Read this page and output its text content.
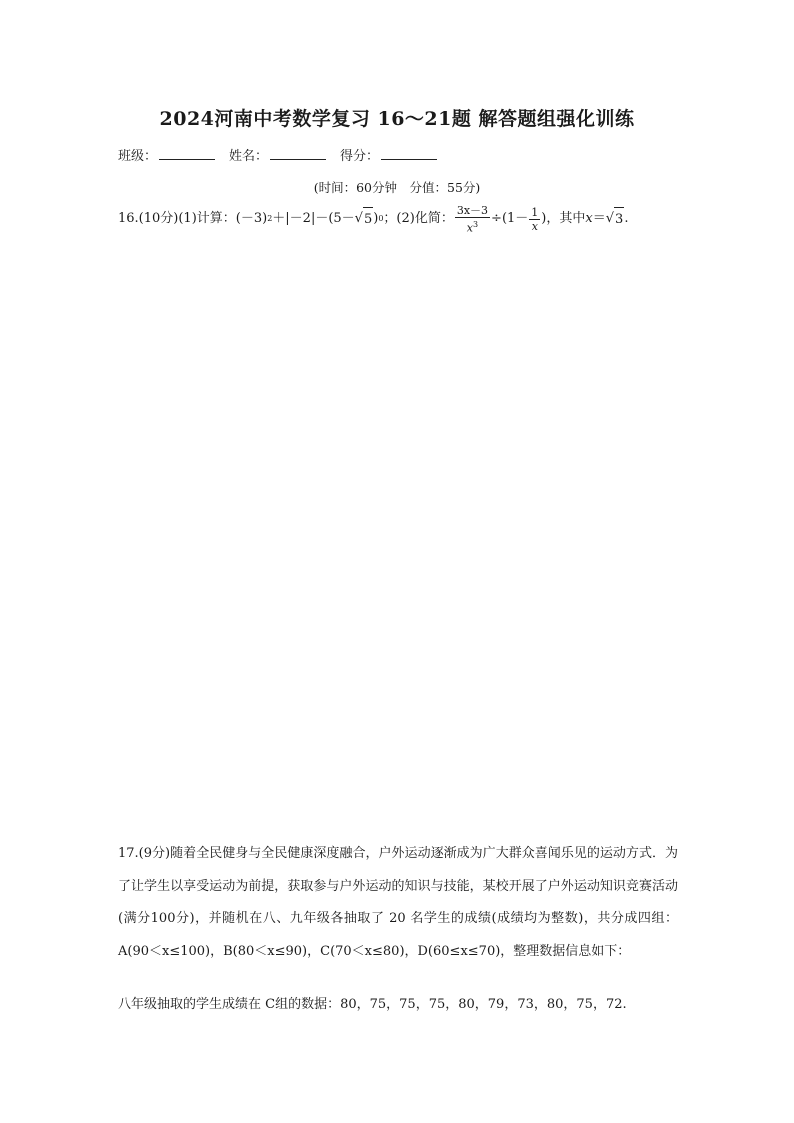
2024河南中考数学复习 16～21题 解答题组强化训练
班级：	姓名：	得分：
(时间：60分钟　分值：55分)
16.(10分)(1)计算：(－3) 2 ＋|－2|－(5－ √ 5 ) 0 ；(2)化简： $\frac{3x-3}{x^3} \div(1- \frac{1}{x}$ )，其中 x ＝ √ 3 .
17.(9分)随着全民健身与全民健康深度融合，户外运动逐渐成为广大群众喜闻乐见的运动方式．为了让学生以享受运动为前提，获取参与户外运动的知识与技能，某校开展了户外运动知识竞赛活动(满分100分)，并随机在八、九年级各抽取了 20 名学生的成绩(成绩均为整数)，共分成四组：A(90＜x≤100)，B(80＜x≤90)，C(70＜x≤80)，D(60≤x≤70)，整理数据信息如下：
八年级抽取的学生成绩在 C组的数据：80，75，75，75，80，79，73，80，75，72.
